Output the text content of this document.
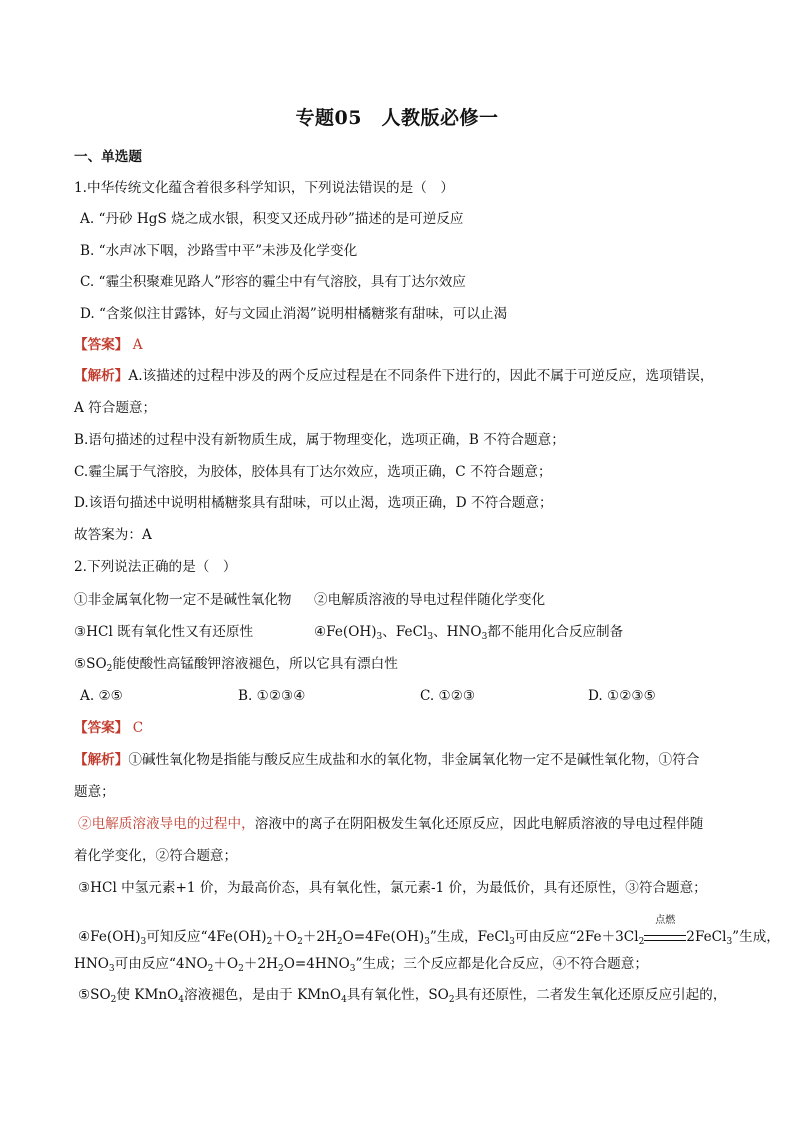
专题05　人教版必修一
一、单选题
1.中华传统文化蕴含着很多科学知识，下列说法错误的是（　）
A. “丹砂 HgS 烧之成水银，积变又还成丹砂”描述的是可逆反应
B. “水声冰下咽，沙路雪中平”未涉及化学变化
C. “霾尘积聚难见路人”形容的霾尘中有气溶胶，具有丁达尔效应
D. “含浆似注甘露钵，好与文园止消渴”说明柑橘糖浆有甜味，可以止渴
【答案】 A
【解析】A.该描述的过程中涉及的两个反应过程是在不同条件下进行的，因此不属于可逆反应，选项错误，
A 符合题意；
B.语句描述的过程中没有新物质生成，属于物理变化，选项正确，B 不符合题意；
C.霾尘属于气溶胶，为胶体，胶体具有丁达尔效应，选项正确，C 不符合题意；
D.该语句描述中说明柑橘糖浆具有甜味，可以止渴，选项正确，D 不符合题意；
故答案为：A
2.下列说法正确的是（　）
①非金属氧化物一定不是碱性氧化物 ②电解质溶液的导电过程伴随化学变化
③HCl 既有氧化性又有还原性	$④Fe(OH)_3$、FeCl$_3$、$HNO_3$都不能用化合反应制备
$⑤SO_2$能使酸性高锰酸钾溶液褪色，所以它具有漂白性
A. ②⑤	B. ①②③④	C. ①②③	D. ①②③⑤
【答案】 C
【解析】①碱性氧化物是指能与酸反应生成盐和水的氧化物，非金属氧化物一定不是碱性氧化物，①符合
题意；
②电解质溶液导电的过程中，溶液中的离子在阴阳极发生氧化还原反应，因此电解质溶液的导电过程伴随
着化学变化，②符合题意；
③HCl 中氢元素+1 价，为最高价态，具有氧化性，氯元素-1 价，为最低价，具有还原性，③符合题意；
$④Fe(OH)_3$可知反应“$4Fe(OH)_2+O_2+2H_2O=4Fe(OH)_3$”生成，FeCl$_3$可由反应“$2Fe+3Cl_2$
点燃
2FeCl$_3$”生成，
$HNO_3$可由反应“$4NO_2+O_2+2H_2O=4HNO_3$”生成；三个反应都是化合反应，④不符合题意；
$⑤SO_2$使 KMnO$_4$溶液褪色，是由于 KMnO$_4$具有氧化性，$SO_2$具有还原性，二者发生氧化还原反应引起的，
